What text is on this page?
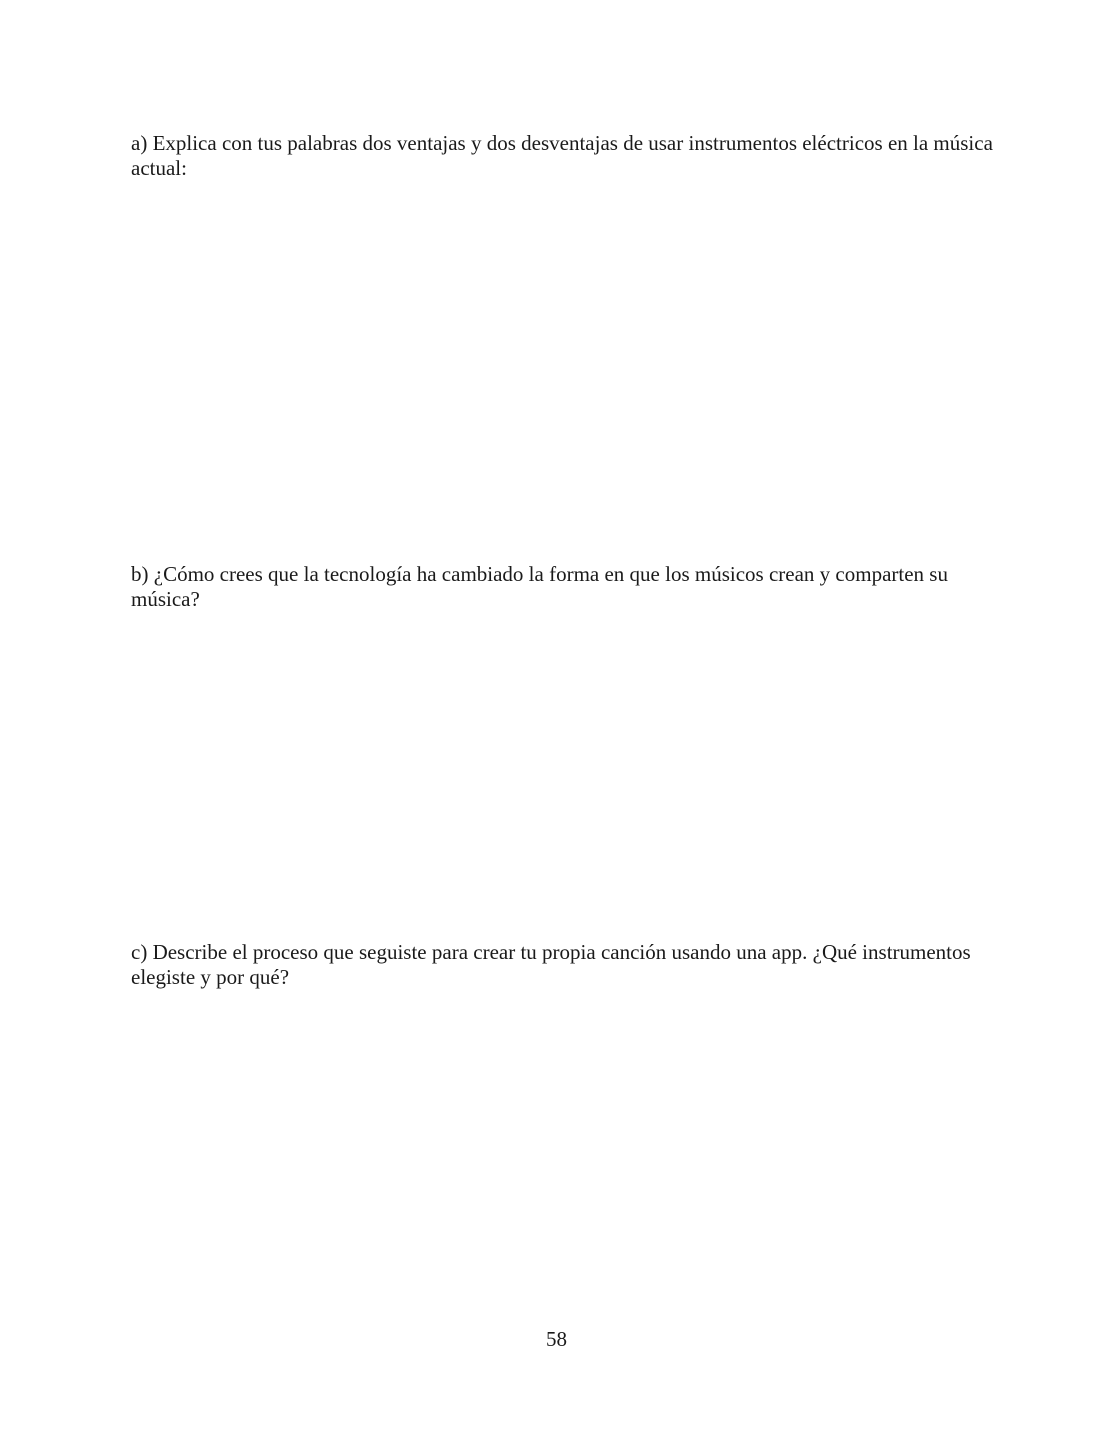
a) Explica con tus palabras dos ventajas y dos desventajas de usar instrumentos eléctricos en la música actual:

b) ¿Cómo crees que la tecnología ha cambiado la forma en que los músicos crean y comparten su música?

c) Describe el proceso que seguiste para crear tu propia canción usando una app. ¿Qué instrumentos elegiste y por qué?

58
